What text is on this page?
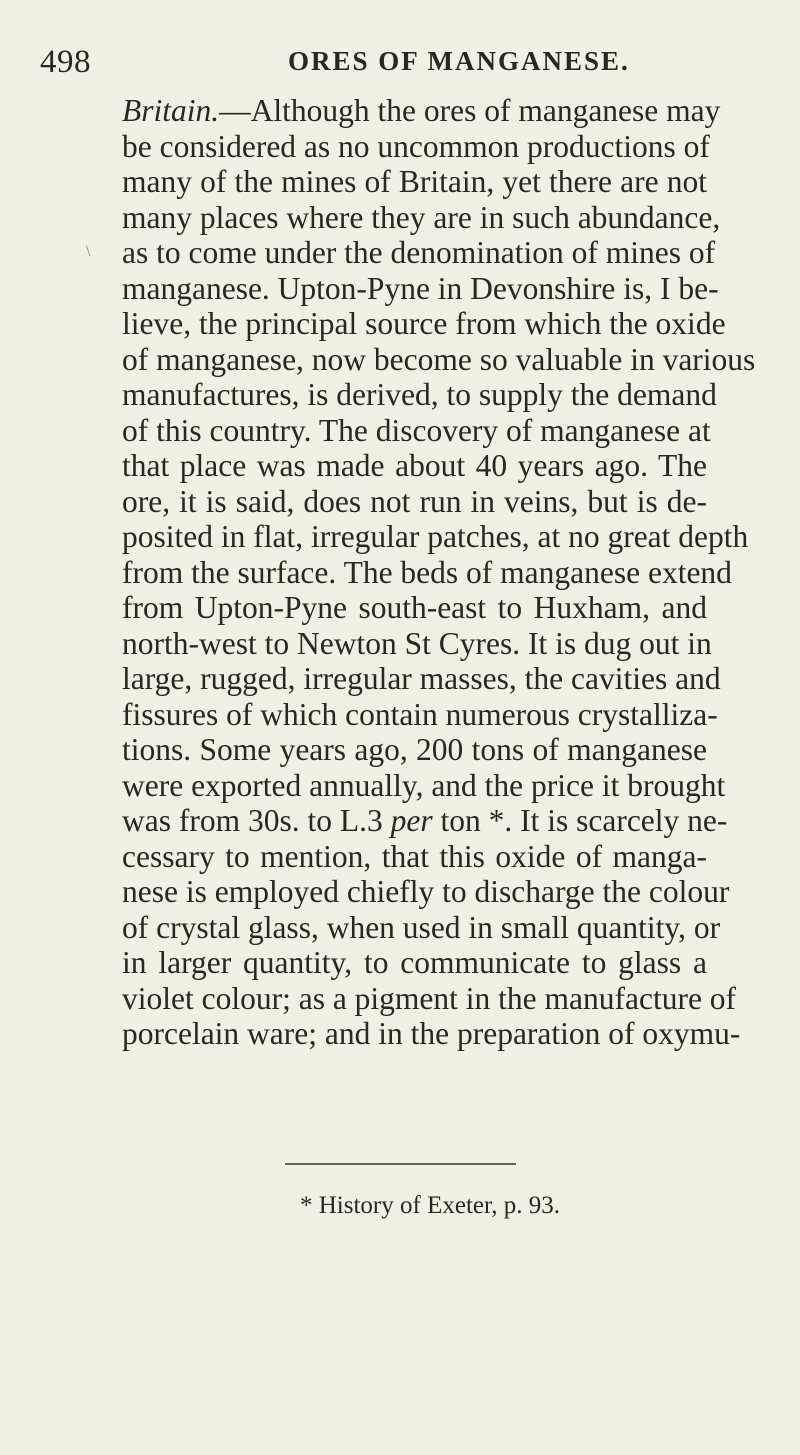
498	ORES OF MANGANESE.
\
Britain.—Although the ores of manganese may
be considered as no uncommon productions of
many of the mines of Britain, yet there are not
many places where they are in such abundance,
as to come under the denomination of mines of
manganese. Upton-Pyne in Devonshire is, I be-
lieve, the principal source from which the oxide
of manganese, now become so valuable in various
manufactures, is derived, to supply the demand
of this country. The discovery of manganese at
that place was made about 40 years ago. The
ore, it is said, does not run in veins, but is de-
posited in flat, irregular patches, at no great depth
from the surface. The beds of manganese extend
from Upton-Pyne south-east to Huxham, and
north-west to Newton St Cyres. It is dug out in
large, rugged, irregular masses, the cavities and
fissures of which contain numerous crystalliza-
tions. Some years ago, 200 tons of manganese
were exported annually, and the price it brought
was from 30s. to L.3 per ton *. It is scarcely ne-
cessary to mention, that this oxide of manga-
nese is employed chiefly to discharge the colour
of crystal glass, when used in small quantity, or
in larger quantity, to communicate to glass a
violet colour; as a pigment in the manufacture of
porcelain ware; and in the preparation of oxymu-
* History of Exeter, p. 93.
